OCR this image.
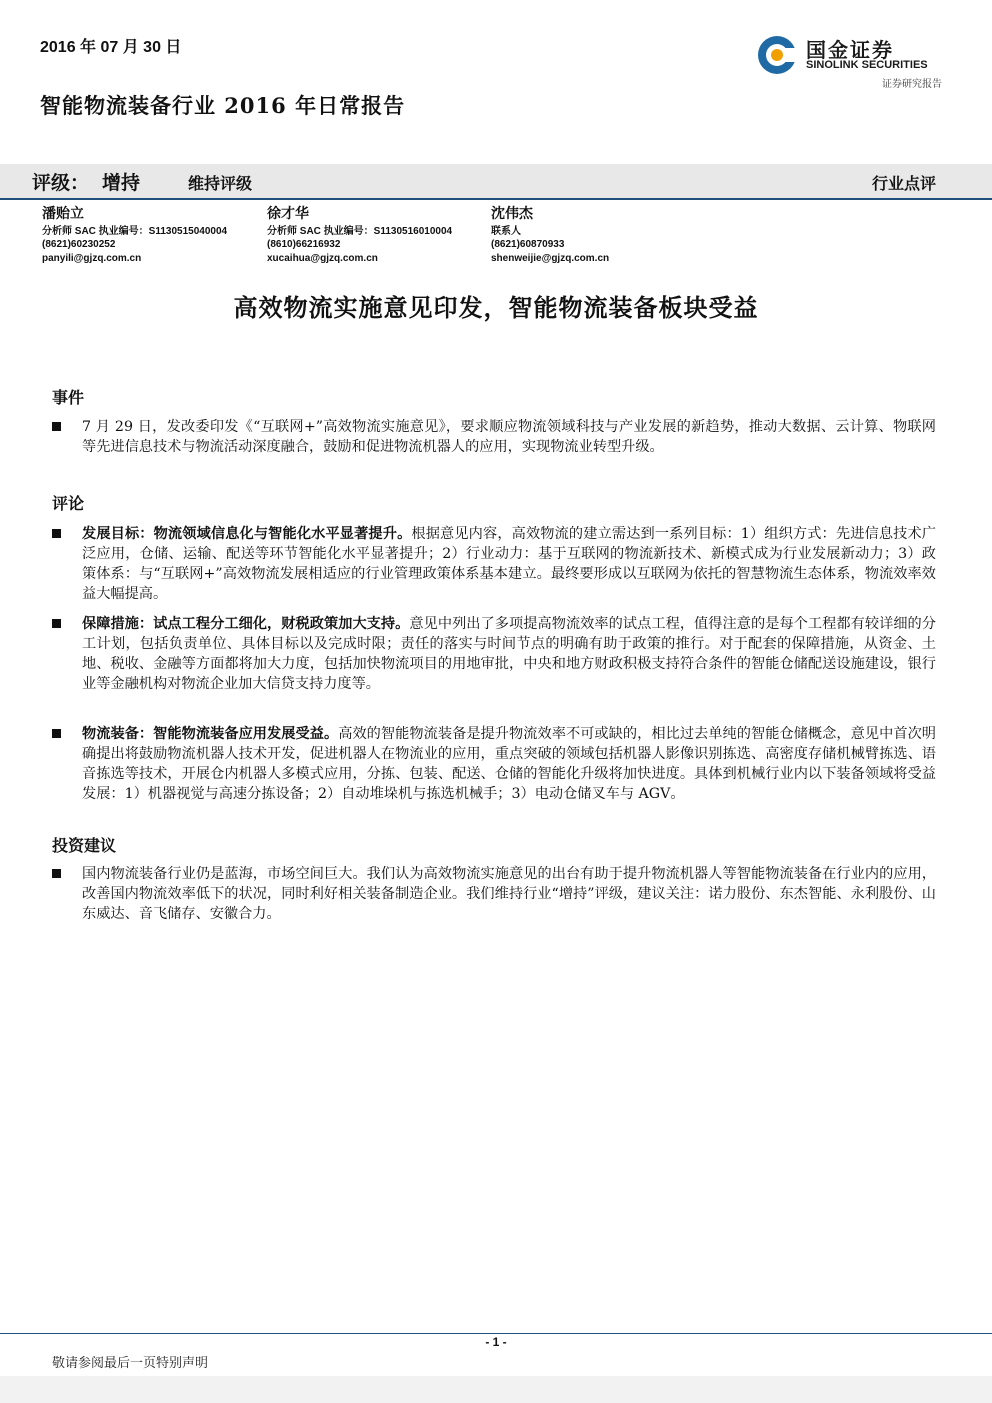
2016 年 07 月 30 日
智能物流装备行业 2016 年日常报告
国金证券
SINOLINK SECURITIES
证券研究报告
评级： 增持	维持评级	行业点评
潘贻立
分析师 SAC 执业编号：S1130515040004
(8621)60230252
panyili@gjzq.com.cn
徐才华
分析师 SAC 执业编号：S1130516010004
(8610)66216932
xucaihua@gjzq.com.cn
沈伟杰
联系人
(8621)60870933
shenweijie@gjzq.com.cn
高效物流实施意见印发，智能物流装备板块受益
事件
7 月 29 日，发改委印发《“互联网+”高效物流实施意见》，要求顺应物流领域科技与产业发展的新趋势，推动大数据、云计算、物联网等先进信息技术与物流活动深度融合，鼓励和促进物流机器人的应用，实现物流业转型升级。
评论
发展目标：物流领域信息化与智能化水平显著提升。根据意见内容，高效物流的建立需达到一系列目标：1）组织方式：先进信息技术广泛应用，仓储、运输、配送等环节智能化水平显著提升；2）行业动力：基于互联网的物流新技术、新模式成为行业发展新动力；3）政策体系：与“互联网+”高效物流发展相适应的行业管理政策体系基本建立。最终要形成以互联网为依托的智慧物流生态体系，物流效率效益大幅提高。
保障措施：试点工程分工细化，财税政策加大支持。意见中列出了多项提高物流效率的试点工程，值得注意的是每个工程都有较详细的分工计划，包括负责单位、具体目标以及完成时限；责任的落实与时间节点的明确有助于政策的推行。对于配套的保障措施，从资金、土地、税收、金融等方面都将加大力度，包括加快物流项目的用地审批，中央和地方财政积极支持符合条件的智能仓储配送设施建设，银行业等金融机构对物流企业加大信贷支持力度等。
物流装备：智能物流装备应用发展受益。高效的智能物流装备是提升物流效率不可或缺的，相比过去单纯的智能仓储概念，意见中首次明确提出将鼓励物流机器人技术开发，促进机器人在物流业的应用，重点突破的领域包括机器人影像识别拣选、高密度存储机械臂拣选、语音拣选等技术，开展仓内机器人多模式应用，分拣、包装、配送、仓储的智能化升级将加快进度。具体到机械行业内以下装备领域将受益发展：1）机器视觉与高速分拣设备；2）自动堆垛机与拣选机械手；3）电动仓储叉车与 AGV。
投资建议
国内物流装备行业仍是蓝海，市场空间巨大。我们认为高效物流实施意见的出台有助于提升物流机器人等智能物流装备在行业内的应用，改善国内物流效率低下的状况，同时利好相关装备制造企业。我们维持行业“增持”评级，建议关注：诺力股份、东杰智能、永利股份、山东威达、音飞储存、安徽合力。
- 1 -
敬请参阅最后一页特别声明
